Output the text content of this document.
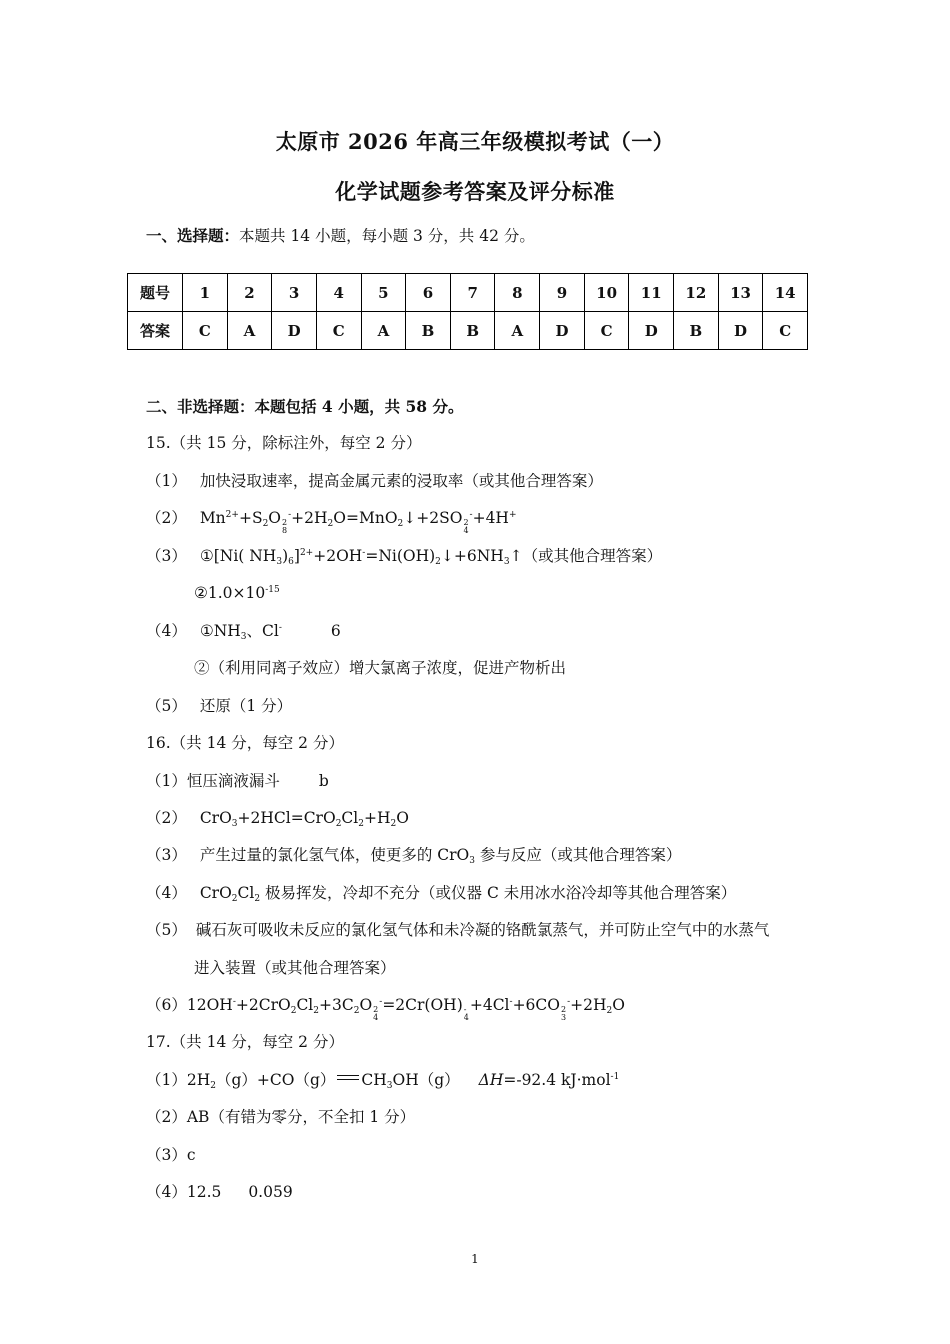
太原市 2026 年高三年级模拟考试（一）
化学试题参考答案及评分标准
一、选择题：本题共 14 小题，每小题 3 分，共 42 分。
题号	1	2	3	4	5	6	7	8	9	10	11	12	13	14
答案	C	A	D	C	A	B	B	A	D	C	D	B	D	C
二、非选择题：本题包括 4 小题，共 58 分。
15.（共 15 分，除标注外，每空 2 分）
（1） 加快浸取速率，提高金属元素的浸取率（或其他合理答案）
（2） $Mn^{2+}+S_2O$ 2
8
$^-+2H_2O=MnO_2↓+2SO$ 2
4
-+4H+
（3） ①[Ni( $NH_3)_6]^{2+}+2OH^-=Ni(OH)_2↓+6NH_3↑$（或其他合理答案）
$②1.0\times 10^{-15}$
（4） $①NH_3$、Cl-	6
②（利用同离子效应）增大氯离子浓度，促进产物析出
（5） 还原（1 分）
16.（共 14 分，每空 2 分）
（1）恒压滴液漏斗	b
（2） $CrO_3+2HCl=CrO_2Cl_2+H_2O$
（3） 产生过量的氯化氢气体，使更多的 CrO$_3$ 参与反应（或其他合理答案）
（4） $CrO_2Cl_2$ 极易挥发，冷却不充分（或仪器 C 未用冰水浴冷却等其他合理答案）
（5） 碱石灰可吸收未反应的氯化氢气体和未冷凝的铬酰氯蒸气，并可防止空气中的水蒸气
进入装置（或其他合理答案）
$(6)12OH^-+2CrO_2Cl_2+3C_2O$ 2
4
-=2Cr(OH) -
4
+4Cl-+6CO 2
3
$^-+2H_2O$
17.（共 14 分，每空 2 分）
$(1)2H_2(g)+CO(g)$ $CH_3OH(g)$ ΔH=-92.4 kJ·mol$^{-1}$
（2）AB（有错为零分，不全扣 1 分）
（3）c
（4）12.5 0.059
1
